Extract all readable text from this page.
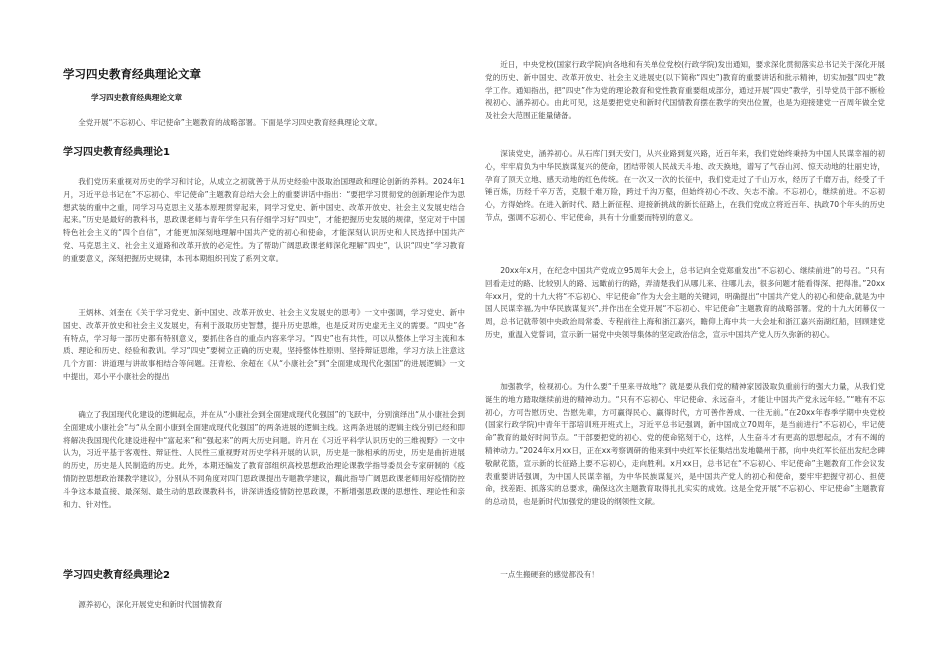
学习四史教育经典理论文章
学习四史教育经典理论文章

全党开展“不忘初心、牢记使命”主题教育的战略部署。下面是学习四史教育经典理论文章。

学习四史教育经典理论1

我们党历来重视对历史的学习和讨论，从成立之初就善于从历史经验中汲取治国理政和理论创新的养料。2024年1月，习近平总书记在“不忘初心、牢记使命”主题教育总结大会上的重要讲话中指出：“要把学习贯彻党的创新理论作为思想武装的重中之重，同学习马克思主义基本原理贯穿起来，同学习党史、新中国史、改革开放史、社会主义发展史结合起来。”历史是最好的教科书，思政课老师与青年学生只有仔细学习好“四史”，才能把握历史发展的规律，坚定对于中国特色社会主义的“四个自信”，才能更加深刻地理解中国共产党的初心和使命，才能深刻认识历史和人民选择中国共产党、马克思主义、社会主义道路和改革开放的必定性。为了帮助广阔思政课老师深化理解“四史”，认识“四史”学习教育的重要意义，深刻把握历史规律，本刊本期组织刊发了系列文章。

王炳林、刘奎在《关于学习党史、新中国史、改革开放史、社会主义发展史的思考》一文中强调，学习党史、新中国史、改革开放史和社会主义发展史，有利于汲取历史智慧，提升历史思维，也是反对历史虚无主义的需要。“四史”各有特点，学习每一部历史都有特别意义，要抓住各自的重点内容来学习。“四史”也有共性，可以从整体上学习主流和本质、理论和历史、经验和教训。学习“四史”要树立正确的历史观，坚持整体性原则、坚持辩证思维，学习方法上注意这几个方面：讲道理与讲故事相结合等问题。汪青松、余超在《从“小康社会”到“全面建成现代化强国”的进展逻辑》一文中提出，邓小平小康社会的提出

确立了我国现代化建设的逻辑起点，并在从“小康社会到全面建成现代化强国”的飞跃中，分别演绎出“从小康社会到全面建成小康社会”与“从全面小康到全面建成现代化强国”的两条进展的逻辑主线。这两条进展的逻辑主线分别已经和即将解决我国现代化建设进程中“富起来”和“强起来”的两大历史问题。许月在《习近平科学认识历史的三维视野》一文中认为，习近平基于客观性、辩证性、人民性三重视野对历史学科开展的认识，历史是一脉相承的历史，历史是曲折进展的历史，历史是人民制造的历史。此外，本期还编发了教育部组织高校思想政治理论课教学指导委员会专家研制的《疫情防控思想政治课教学建议》，分别从不同角度对四门思政课提出专题教学建议，藕此指导广阔思政课老师用好疫情防控斗争这本最直接、最深刻、最生动的思政课教科书，讲深讲透疫情防控思政课，不断增强思政课的思想性、理论性和亲和力、针对性。

学习四史教育经典理论2

源养初心，深化开展党史和新时代国情教育

近日，中央党校(国家行政学院)向各地和有关单位党校(行政学院)发出通知，要求深化贯彻落实总书记关于深化开展党的历史、新中国史、改革开放史、社会主义进展史(以下简称“四史”)教育的重要讲话和批示精神，切实加强“四史”教学工作。通知指出，把“四史”作为党的理论教育和党性教育重要组成部分，通过开展“四史”教学，引导党员干部不断检视初心、涵养初心。由此可见，这是要把党史和新时代国情教育摆在教学的突出位置，也是为迎接建党一百周年做全党及社会大范围正能量储备。

深读党史，涵养初心。从石库门到天安门，从兴业路到复兴路，近百年来，我们党始终秉持为中国人民谋幸福的初心，牢牢肩负为中华民族谋复兴的使命，团结带领人民战天斗地、改天换地，谱写了气吞山河、惊天动地的壮丽史诗，孕育了顶天立地、感天动地的红色传统。在一次又一次的长征中，我们党走过了千山万水，经历了千磨万击，经受了千锤百炼，历经千辛万苦，克服千难万险，跨过千沟万壑，但始终初心不改、矢志不渝。不忘初心，继续前进。不忘初心，方得始终。在进入新时代、踏上新征程、迎接新挑战的新长征路上，在我们党成立将近百年、执政70个年头的历史节点，强调不忘初心、牢记使命，具有十分重要而特别的意义。

20xx年x月，在纪念中国共产党成立95周年大会上，总书记向全党郑重发出“不忘初心、继续前进”的号召。“只有回看走过的路、比较别人的路、远瞰前行的路，弄清楚我们从哪儿来、往哪儿去，很多问题才能看得深、把得准。”20xx年xx月，党的十九大将“不忘初心、牢记使命”作为大会主题的关键词，明确提出“中国共产党人的初心和使命,就是为中国人民谋幸福,为中华民族谋复兴”,并作出在全党开展“不忘初心、牢记使命”主题教育的战略部署。党的十九大闭幕仅一周，总书记就带领中央政治局常委、专程前往上海和浙江嘉兴，瞻仰上海中共一大会址和浙江嘉兴南湖红船，回顾建党历史，重温入党誓词，宣示新一届党中央领导集体的坚定政治信念，宣示中国共产党人历久弥新的初心。

加强教学，检视初心。为什么要“千里来寻故地”？就是要从我们党的精神家园汲取负重前行的强大力量，从我们党诞生的地方踏取继续前进的精神动力。“只有不忘初心、牢记使命、永远奋斗，才能让中国共产党永远年轻。”“唯有不忘初心，方可告慰历史、告慰先辈，方可赢得民心、赢得时代，方可善作善成、一往无前。”在20xx年春季学期中央党校(国家行政学院)中青年干部培训班开班式上，习近平总书记强调，新中国成立70周年，是当前进行“不忘初心，牢记使命”教育的最好时间节点。“干部要把党的初心、党的使命铭刻于心，这样，人生奋斗才有更高的思想起点，才有不竭的精神动力。”2024年x月xx日，正在xx考察调研的他来到中央红军长征集结出发地赣州于都，向中央红军长征出发纪念碑敬献花篮，宣示新的长征路上要不忘初心，走向胜利。x月xx日，总书记在“不忘初心、牢记使命”主题教育工作会议发表重要讲话强调，为中国人民谋幸福，为中华民族谋复兴，是中国共产党人的初心和使命，要牢牢把握守初心、担使命，找差距、抓落实的总要求，确保这次主题教育取得扎扎实实的成效。这是全党开展“不忘初心、牢记使命”主题教育的总动员，也是新时代加强党的建设的纲领性文献。

一点生搬硬套的感觉都没有！
